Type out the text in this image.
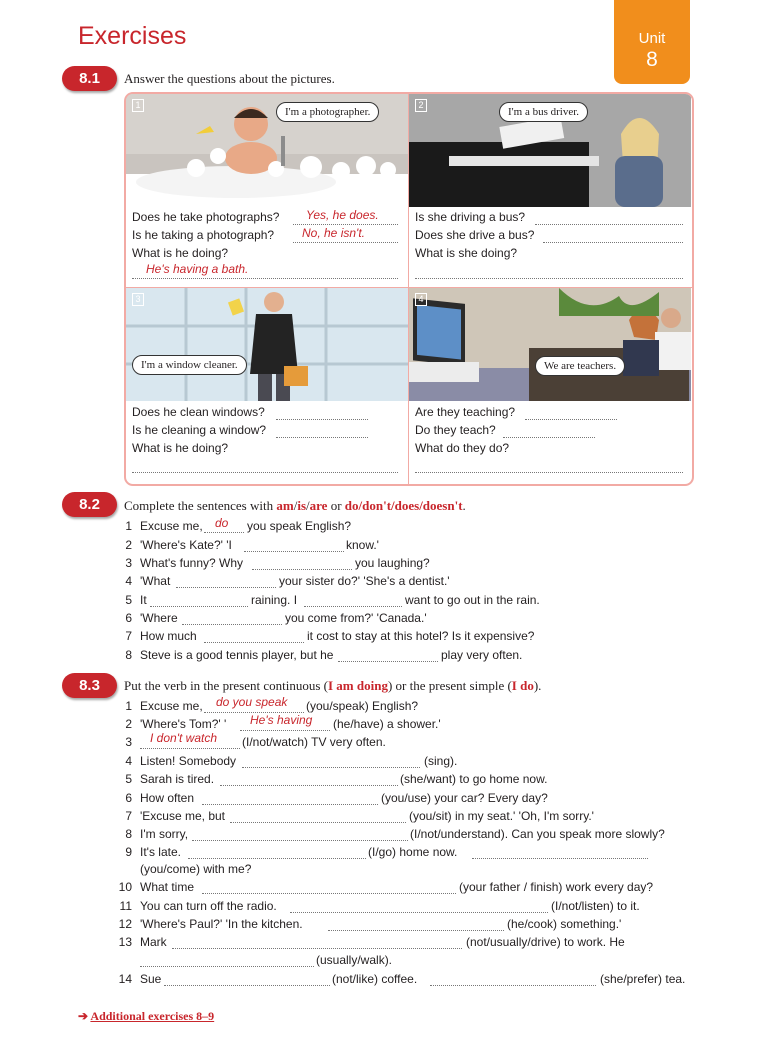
Exercises	Unit
8
8.1	Answer the questions about the pictures.
1
I'm a photographer.
Does he take photographs? Yes, he does.
Is he taking a photograph? No, he isn't.
What is he doing?
He's having a bath.
2
I'm a bus driver.
Is she driving a bus?
Does she drive a bus?
What is she doing?
3
I'm a window cleaner.
Does he clean windows?
Is he cleaning a window?
What is he doing?
4
We are teachers.
Are they teaching?
Do they teach?
What do they do?
8.2	Complete the sentences with am/is/are or do/don't/does/doesn't.
1 Excuse me, do you speak English?
2 'Where's Kate?' 'I	know.'
3 What's funny? Why	you laughing?
4 'What	your sister do?' 'She's a dentist.'
5 It	raining. I	want to go out in the rain.
6 'Where	you come from?' 'Canada.'
7 How much	it cost to stay at this hotel? Is it expensive?
8 Steve is a good tennis player, but he	play very often.
8.3	Put the verb in the present continuous (I am doing) or the present simple (I do).
1 Excuse me, do you speak (you/speak) English?
2 'Where's Tom?' ' He's having (he/have) a shower.'
3 I don't watch (I/not/watch) TV very often.
4 Listen! Somebody	(sing).
5 Sarah is tired.	(she/want) to go home now.
6 How often	(you/use) your car? Every day?
7 'Excuse me, but	(you/sit) in my seat.' 'Oh, I'm sorry.'
8 I'm sorry,	(I/not/understand). Can you speak more slowly?
9 It's late.	(I/go) home now.
(you/come) with me?
10 What time	(your father / finish) work every day?
11 You can turn off the radio.	(I/not/listen) to it.
12 'Where's Paul?' 'In the kitchen.	(he/cook) something.'
13 Mark	(not/usually/drive) to work. He
(usually/walk).
14 Sue	(not/like) coffee.	(she/prefer) tea.
➔ Additional exercises 8–9
